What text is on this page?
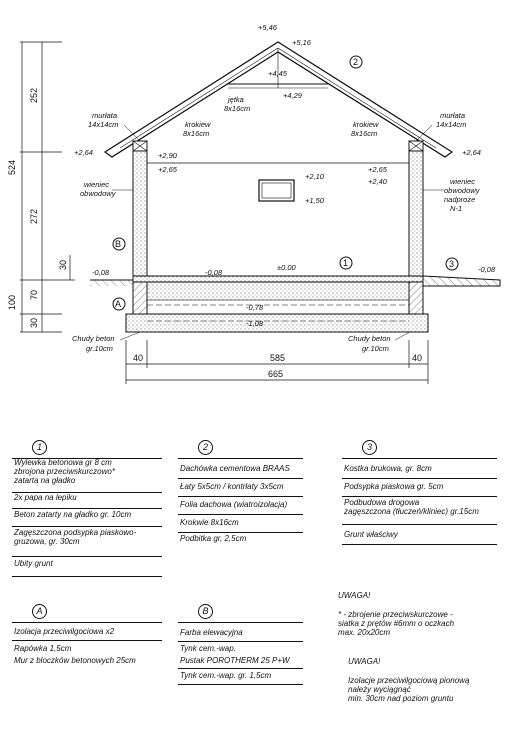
524
252
272
100
30
70
30
40	585	40
665
+5,46
+5,16
+4,45
+4,29
+2,64	+2,64
+2,90
+2,65
+2,10
+1,50
+2,65
+2,40
±0,00
-0,08	-0,08	-0,08
-0,78
-1,08
murłata 14x14cm
murłata 14x14cm
krokiew 8x16cm
krokiew 8x16cm
jętka 8x16cm
wieniec obwodowy
wieniec obwodowy nadproże N-1
Chudy beton gr.10cm
Chudy beton gr.10cm
1
2
3
A
B
1
Wylewka betonowa gr 8 cm
zbrojona przeciwskurczowo*
zatarta na gładko
2x papa na lepiku
Beton zatarty na gładko gr. 10cm
Zagęszczona podsypka piaskowo-
gruzowa, gr. 30cm
Ubity grunt
2
Dachówka cementowa BRAAS
Łaty 5x5cm / kontrłaty 3x5cm
Folia dachowa (wiatroizolacja)
Krokwie 8x16cm
Podbitka gr, 2,5cm
3
Kostka brukowa, gr. 8cm
Podsypka piaskowa gr. 5cm
Podbudowa drogowa
zagęszczona (tłuczeń/kliniec) gr.15cm
Grunt właściwy
A
Izolacja przeciwilgociowa x2
Rapówka 1,5cm
Mur z bloczków betonowych 25cm
B
Farba elewacyjna
Tynk cem.-wap.
Pustak POROTHERM 25 P+W
Tynk cem.-wap. gr. 1,5cm

UWAGA!

* - zbrojenie przeciwskurczowe -
siatka z prętów #6mm o oczkach
max. 20x20cm

UWAGA!

Izolacje przeciwilgociową pionową
należy wyciągnąć
min. 30cm nad poziom gruntu
